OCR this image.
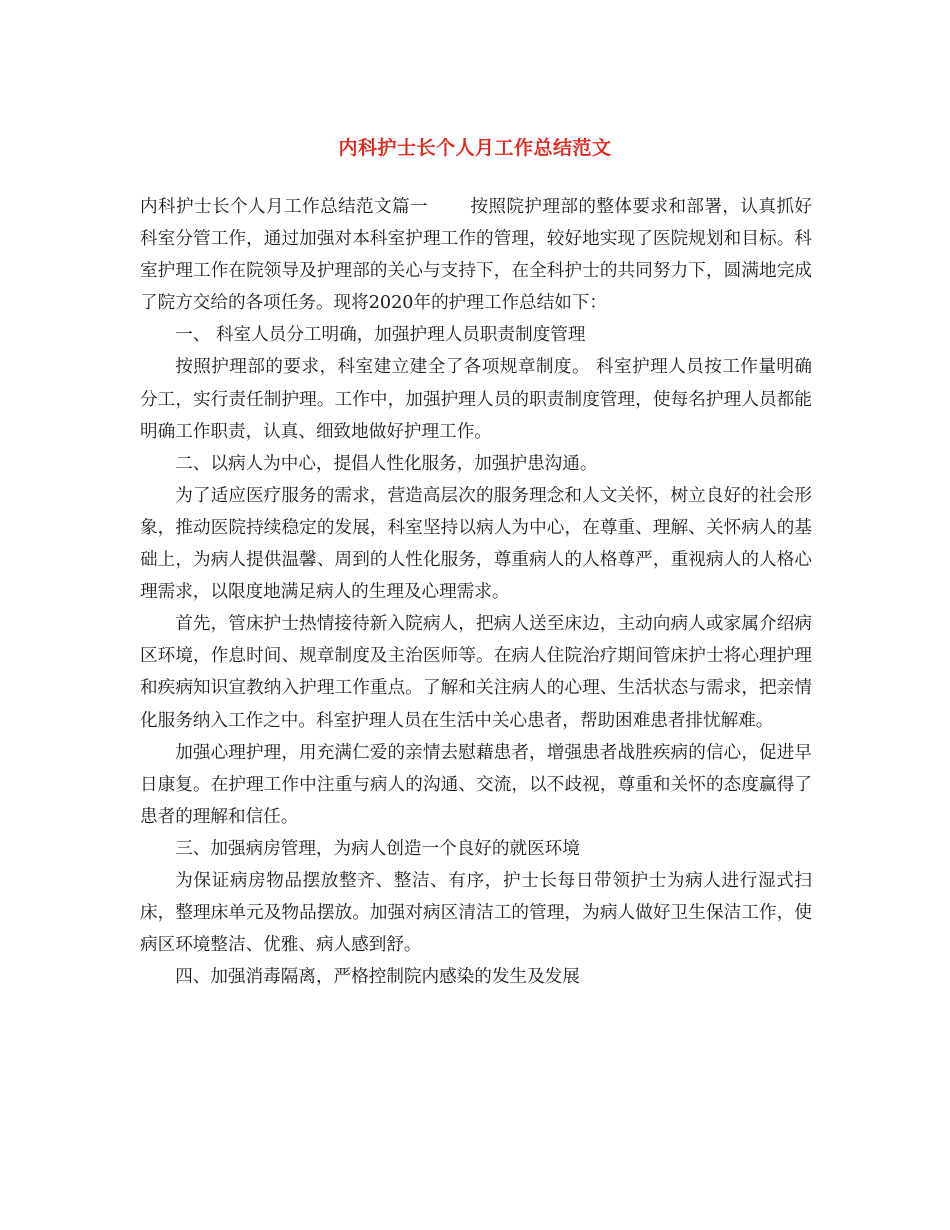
内科护士长个人月工作总结范文

内科护士长个人月工作总结范文篇一 按照院护理部的整体要求和部署，认真抓好科室分管工作，通过加强对本科室护理工作的管理，较好地实现了医院规划和目标。科室护理工作在院领导及护理部的关心与支持下，在全科护士的共同努力下，圆满地完成了院方交给的各项任务。现将2020年的护理工作总结如下：

一、 科室人员分工明确，加强护理人员职责制度管理

按照护理部的要求，科室建立建全了各项规章制度。 科室护理人员按工作量明确分工，实行责任制护理。工作中，加强护理人员的职责制度管理，使每名护理人员都能明确工作职责，认真、细致地做好护理工作。

二、以病人为中心，提倡人性化服务，加强护患沟通。

为了适应医疗服务的需求，营造高层次的服务理念和人文关怀，树立良好的社会形象，推动医院持续稳定的发展，科室坚持以病人为中心，在尊重、理解、关怀病人的基础上，为病人提供温馨、周到的人性化服务，尊重病人的人格尊严，重视病人的人格心理需求，以限度地满足病人的生理及心理需求。

首先，管床护士热情接待新入院病人，把病人送至床边，主动向病人或家属介绍病区环境，作息时间、规章制度及主治医师等。在病人住院治疗期间管床护士将心理护理和疾病知识宣教纳入护理工作重点。了解和关注病人的心理、生活状态与需求，把亲情化服务纳入工作之中。科室护理人员在生活中关心患者，帮助困难患者排忧解难。

加强心理护理，用充满仁爱的亲情去慰藉患者，增强患者战胜疾病的信心，促进早日康复。在护理工作中注重与病人的沟通、交流，以不歧视，尊重和关怀的态度赢得了患者的理解和信任。

三、加强病房管理，为病人创造一个良好的就医环境

为保证病房物品摆放整齐、整洁、有序，护士长每日带领护士为病人进行湿式扫床，整理床单元及物品摆放。加强对病区清洁工的管理，为病人做好卫生保洁工作，使病区环境整洁、优雅、病人感到舒。

四、加强消毒隔离，严格控制院内感染的发生及发展
